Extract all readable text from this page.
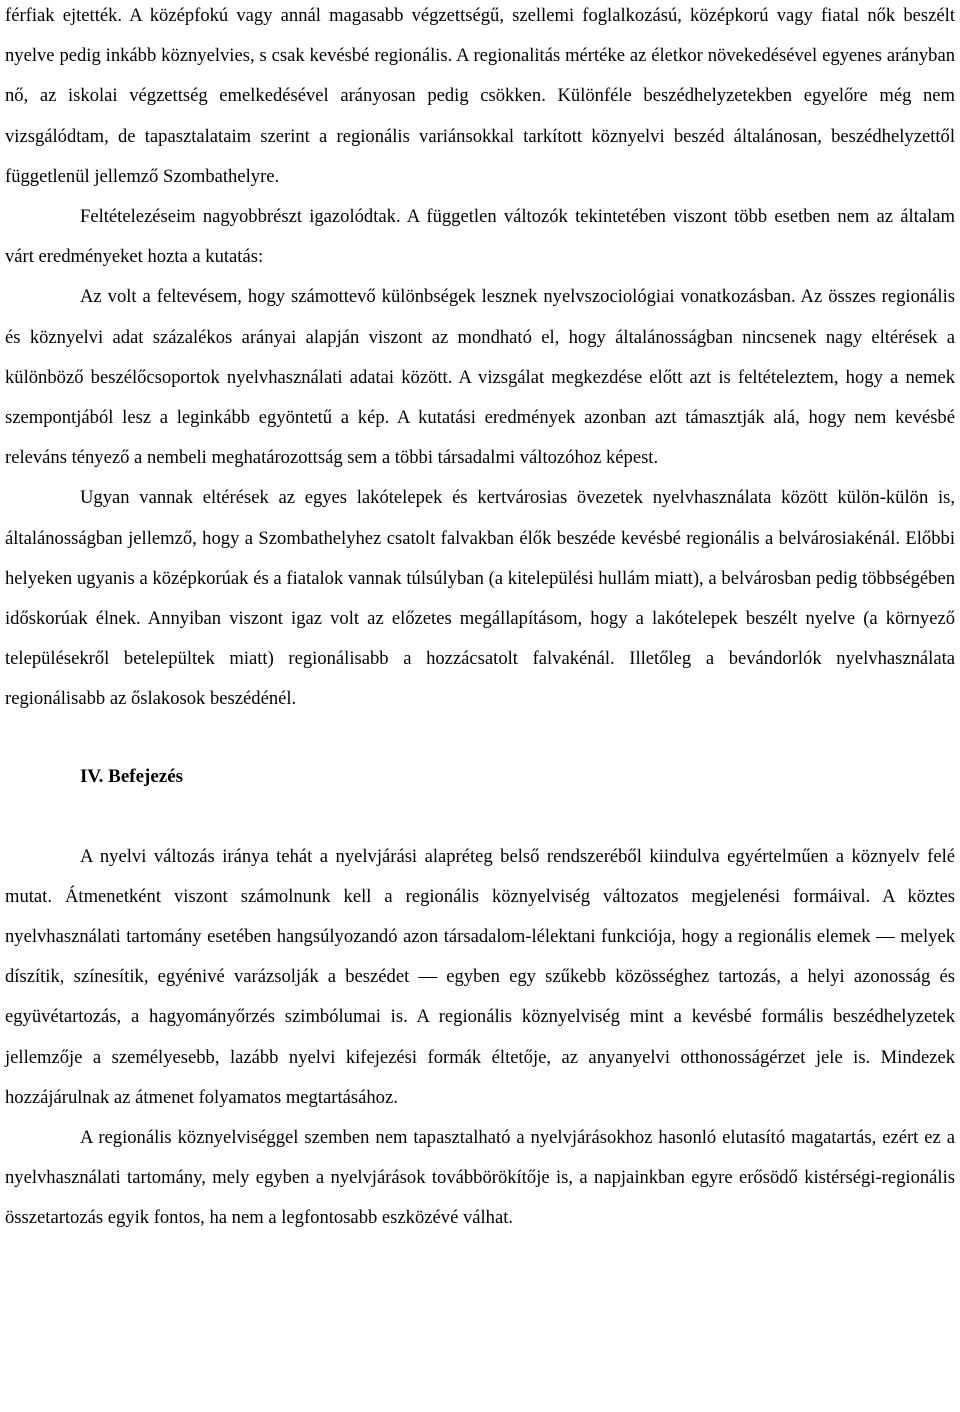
férfiak ejtették. A középfokú vagy annál magasabb végzettségű, szellemi foglalkozású, középkorú vagy fiatal nők beszélt nyelve pedig inkább köznyelvies, s csak kevésbé regionális. A regionalitás mértéke az életkor növekedésével egyenes arányban nő, az iskolai végzettség emelkedésével arányosan pedig csökken. Különféle beszédhelyzetekben egyelőre még nem vizsgálódtam, de tapasztalataim szerint a regionális variánsokkal tarkított köznyelvi beszéd általánosan, beszédhelyzettől függetlenül jellemző Szombathelyre.

Feltételezéseim nagyobbrészt igazolódtak. A független változók tekintetében viszont több esetben nem az általam várt eredményeket hozta a kutatás:

Az volt a feltevésem, hogy számottevő különbségek lesznek nyelvszociológiai vonatkozásban. Az összes regionális és köznyelvi adat százalékos arányai alapján viszont az mondható el, hogy általánosságban nincsenek nagy eltérések a különböző beszélőcsoportok nyelvhasználati adatai között. A vizsgálat megkezdése előtt azt is feltételeztem, hogy a nemek szempontjából lesz a leginkább egyöntetű a kép. A kutatási eredmények azonban azt támasztják alá, hogy nem kevésbé releváns tényező a nembeli meghatározottság sem a többi társadalmi változóhoz képest.

Ugyan vannak eltérések az egyes lakótelepek és kertvárosias övezetek nyelvhasználata között külön-külön is, általánosságban jellemző, hogy a Szombathelyhez csatolt falvakban élők beszéde kevésbé regionális a belvárosiakénál. Előbbi helyeken ugyanis a középkorúak és a fiatalok vannak túlsúlyban (a kitelepülési hullám miatt), a belvárosban pedig többségében időskorúak élnek. Annyiban viszont igaz volt az előzetes megállapításom, hogy a lakótelepek beszélt nyelve (a környező településekről betelepültek miatt) regionálisabb a hozzácsatolt falvakénál. Illetőleg a bevándorlók nyelvhasználata regionálisabb az őslakosok beszédénél.

IV. Befejezés

A nyelvi változás iránya tehát a nyelvjárási alapréteg belső rendszeréből kiindulva egyértelműen a köznyelv felé mutat. Átmenetként viszont számolnunk kell a regionális köznyelviség változatos megjelenési formáival. A köztes nyelvhasználati tartomány esetében hangsúlyozandó azon társadalom-lélektani funkciója, hogy a regionális elemek — melyek díszítik, színesítik, egyénivé varázsolják a beszédet — egyben egy szűkebb közösséghez tartozás, a helyi azonosság és együvétartozás, a hagyományőrzés szimbólumai is. A regionális köznyelviség mint a kevésbé formális beszédhelyzetek jellemzője a személyesebb, lazább nyelvi kifejezési formák éltetője, az anyanyelvi otthonosságérzet jele is. Mindezek hozzájárulnak az átmenet folyamatos megtartásához.

A regionális köznyelviséggel szemben nem tapasztalható a nyelvjárásokhoz hasonló elutasító magatartás, ezért ez a nyelvhasználati tartomány, mely egyben a nyelvjárások továbbörökítője is, a napjainkban egyre erősödő kistérségi-regionális összetartozás egyik fontos, ha nem a legfontosabb eszközévé válhat.
